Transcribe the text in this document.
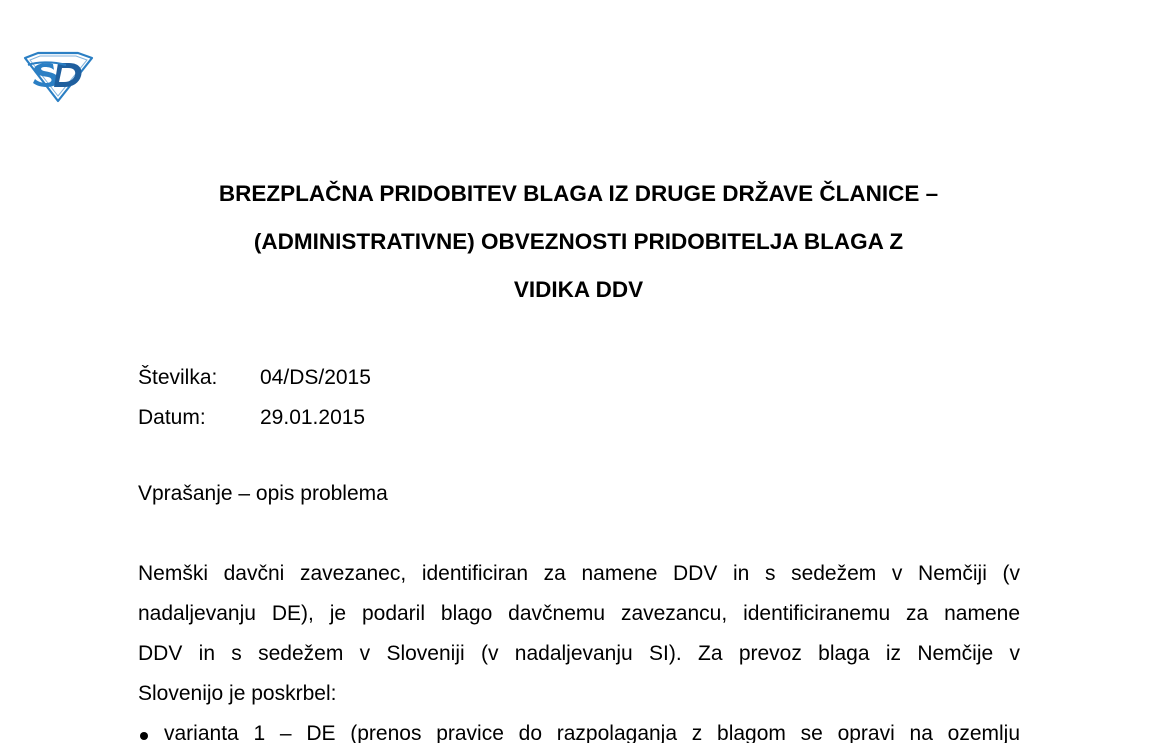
BREZPLAČNA PRIDOBITEV BLAGA IZ DRUGE DRŽAVE ČLANICE –
(ADMINISTRATIVNE) OBVEZNOSTI PRIDOBITELJA BLAGA Z
VIDIKA DDV
Številka:	04/DS/2015
Datum:	29.01.2015
Vprašanje – opis problema
Nemški davčni zavezanec, identificiran za namene DDV in s sedežem v Nemčiji (v
nadaljevanju DE), je podaril blago davčnemu zavezancu, identificiranemu za namene
DDV in s sedežem v Sloveniji (v nadaljevanju SI). Za prevoz blaga iz Nemčije v
Slovenijo je poskrbel:
varianta 1 – DE (prenos pravice do razpolaganja z blagom se opravi na ozemlju
